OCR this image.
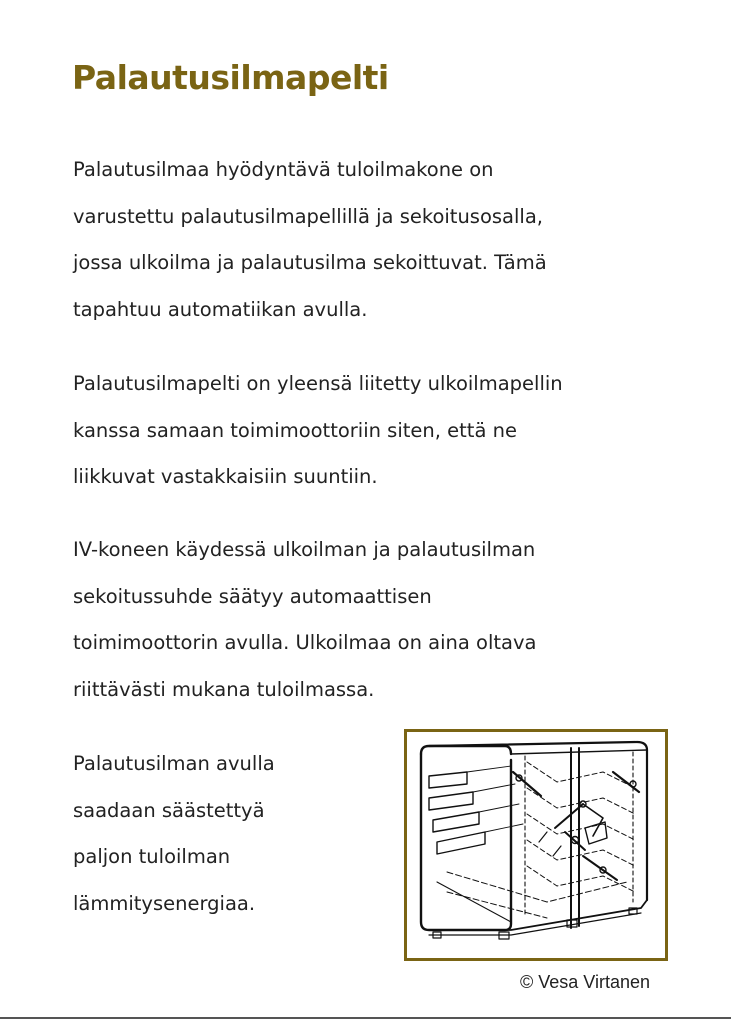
Palautusilmapelti

Palautusilmaa hyödyntävä tuloilmakone on
varustettu palautusilmapellillä ja sekoitusosalla,
jossa ulkoilma ja palautusilma sekoittuvat. Tämä
tapahtuu automatiikan avulla.

Palautusilmapelti on yleensä liitetty ulkoilmapellin
kanssa samaan toimimoottoriin siten, että ne
liikkuvat vastakkaisiin suuntiin.

IV-koneen käydessä ulkoilman ja palautusilman
sekoitussuhde säätyy automaattisen
toimimoottorin avulla. Ulkoilmaa on aina oltava
riittävästi mukana tuloilmassa.

Palautusilman avulla
saadaan säästettyä
paljon tuloilman
lämmitysenergiaa.

© Vesa Virtanen
